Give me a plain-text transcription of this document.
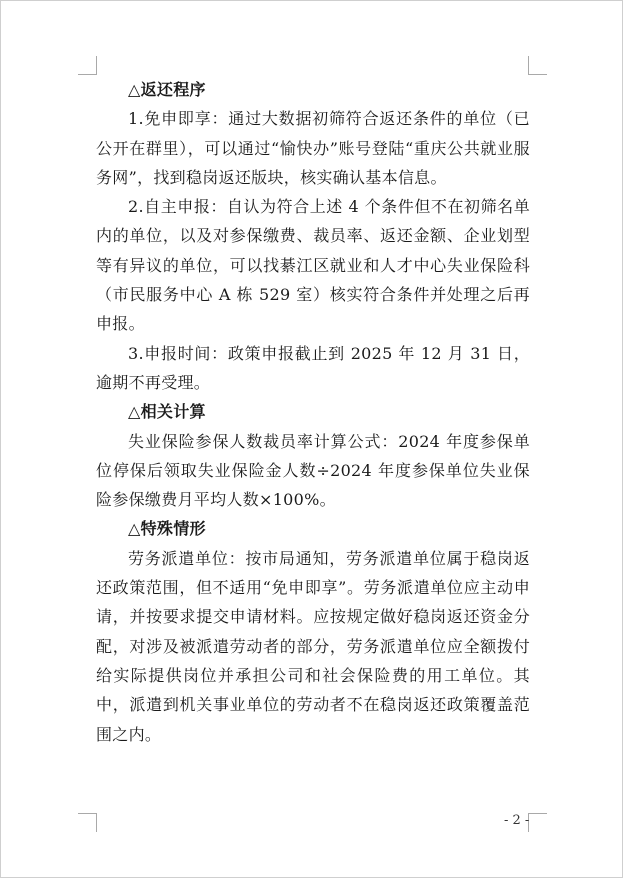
△返还程序

1.免申即享：通过大数据初筛符合返还条件的单位（已公开在群里），可以通过“愉快办”账号登陆“重庆公共就业服务网”，找到稳岗返还版块，核实确认基本信息。

2.自主申报：自认为符合上述 4 个条件但不在初筛名单内的单位，以及对参保缴费、裁员率、返还金额、企业划型等有异议的单位，可以找綦江区就业和人才中心失业保险科（市民服务中心 A 栋 529 室）核实符合条件并处理之后再申报。

3.申报时间：政策申报截止到 2025 年 12 月 31 日，逾期不再受理。

△相关计算

失业保险参保人数裁员率计算公式：2024 年度参保单位停保后领取失业保险金人数÷2024 年度参保单位失业保险参保缴费月平均人数×100%。

△特殊情形

劳务派遣单位：按市局通知，劳务派遣单位属于稳岗返还政策范围，但不适用“免申即享”。劳务派遣单位应主动申请，并按要求提交申请材料。应按规定做好稳岗返还资金分配，对涉及被派遣劳动者的部分，劳务派遣单位应全额拨付给实际提供岗位并承担公司和社会保险费的用工单位。其中，派遣到机关事业单位的劳动者不在稳岗返还政策覆盖范围之内。

- 2 -
